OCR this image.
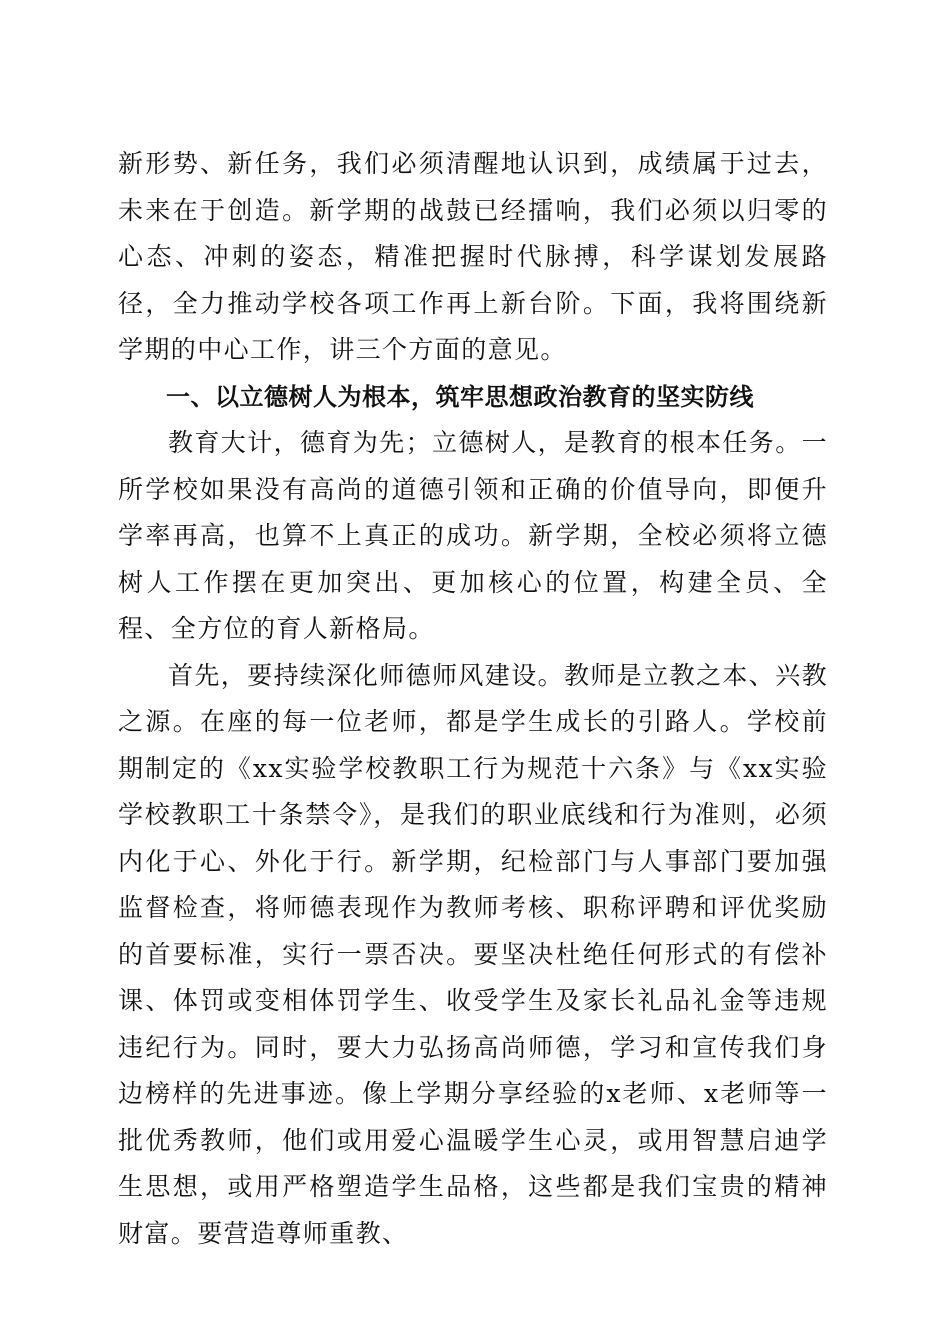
新形势、新任务，我们必须清醒地认识到，成绩属于过去，未来在于创造。新学期的战鼓已经擂响，我们必须以归零的心态、冲刺的姿态，精准把握时代脉搏，科学谋划发展路径，全力推动学校各项工作再上新台阶。下面，我将围绕新学期的中心工作，讲三个方面的意见。

一、以立德树人为根本，筑牢思想政治教育的坚实防线

教育大计，德育为先；立德树人，是教育的根本任务。一所学校如果没有高尚的道德引领和正确的价值导向，即便升学率再高，也算不上真正的成功。新学期，全校必须将立德树人工作摆在更加突出、更加核心的位置，构建全员、全程、全方位的育人新格局。

首先，要持续深化师德师风建设。教师是立教之本、兴教之源。在座的每一位老师，都是学生成长的引路人。学校前期制定的《xx实验学校教职工行为规范十六条》与《xx实验学校教职工十条禁令》，是我们的职业底线和行为准则，必须内化于心、外化于行。新学期，纪检部门与人事部门要加强监督检查，将师德表现作为教师考核、职称评聘和评优奖励的首要标准，实行一票否决。要坚决杜绝任何形式的有偿补课、体罚或变相体罚学生、收受学生及家长礼品礼金等违规违纪行为。同时，要大力弘扬高尚师德，学习和宣传我们身边榜样的先进事迹。像上学期分享经验的x老师、x老师等一批优秀教师，他们或用爱心温暖学生心灵，或用智慧启迪学生思想，或用严格塑造学生品格，这些都是我们宝贵的精神财富。要营造尊师重教、
